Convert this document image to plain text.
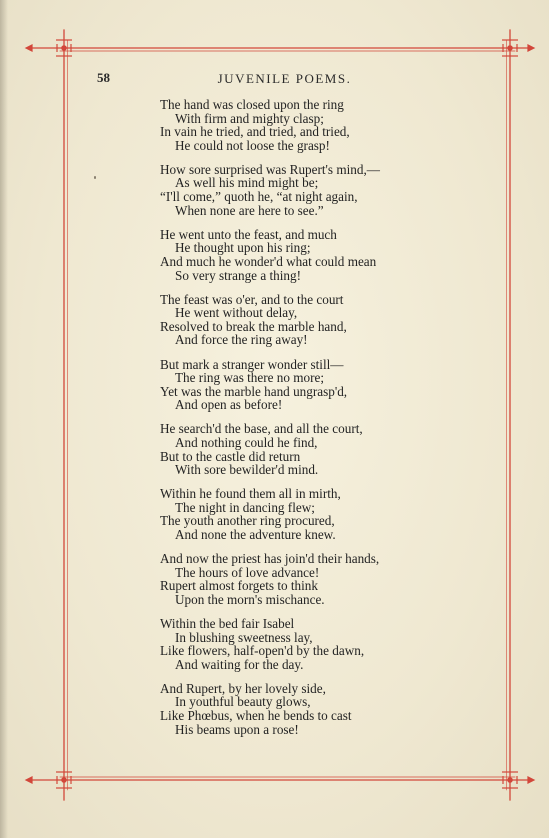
58	JUVENILE POEMS.
The hand was closed upon the ring
With firm and mighty clasp;
In vain he tried, and tried, and tried,
He could not loose the grasp!
How sore surprised was Rupert's mind,—
As well his mind might be;
“I'll come,” quoth he, “at night again,
When none are here to see.”
He went unto the feast, and much
He thought upon his ring;
And much he wonder'd what could mean
So very strange a thing!
The feast was o'er, and to the court
He went without delay,
Resolved to break the marble hand,
And force the ring away!
But mark a stranger wonder still—
The ring was there no more;
Yet was the marble hand ungrasp'd,
And open as before!
He search'd the base, and all the court,
And nothing could he find,
But to the castle did return
With sore bewilder'd mind.
Within he found them all in mirth,
The night in dancing flew;
The youth another ring procured,
And none the adventure knew.
And now the priest has join'd their hands,
The hours of love advance!
Rupert almost forgets to think
Upon the morn's mischance.
Within the bed fair Isabel
In blushing sweetness lay,
Like flowers, half-open'd by the dawn,
And waiting for the day.
And Rupert, by her lovely side,
In youthful beauty glows,
Like Phœbus, when he bends to cast
His beams upon a rose!
